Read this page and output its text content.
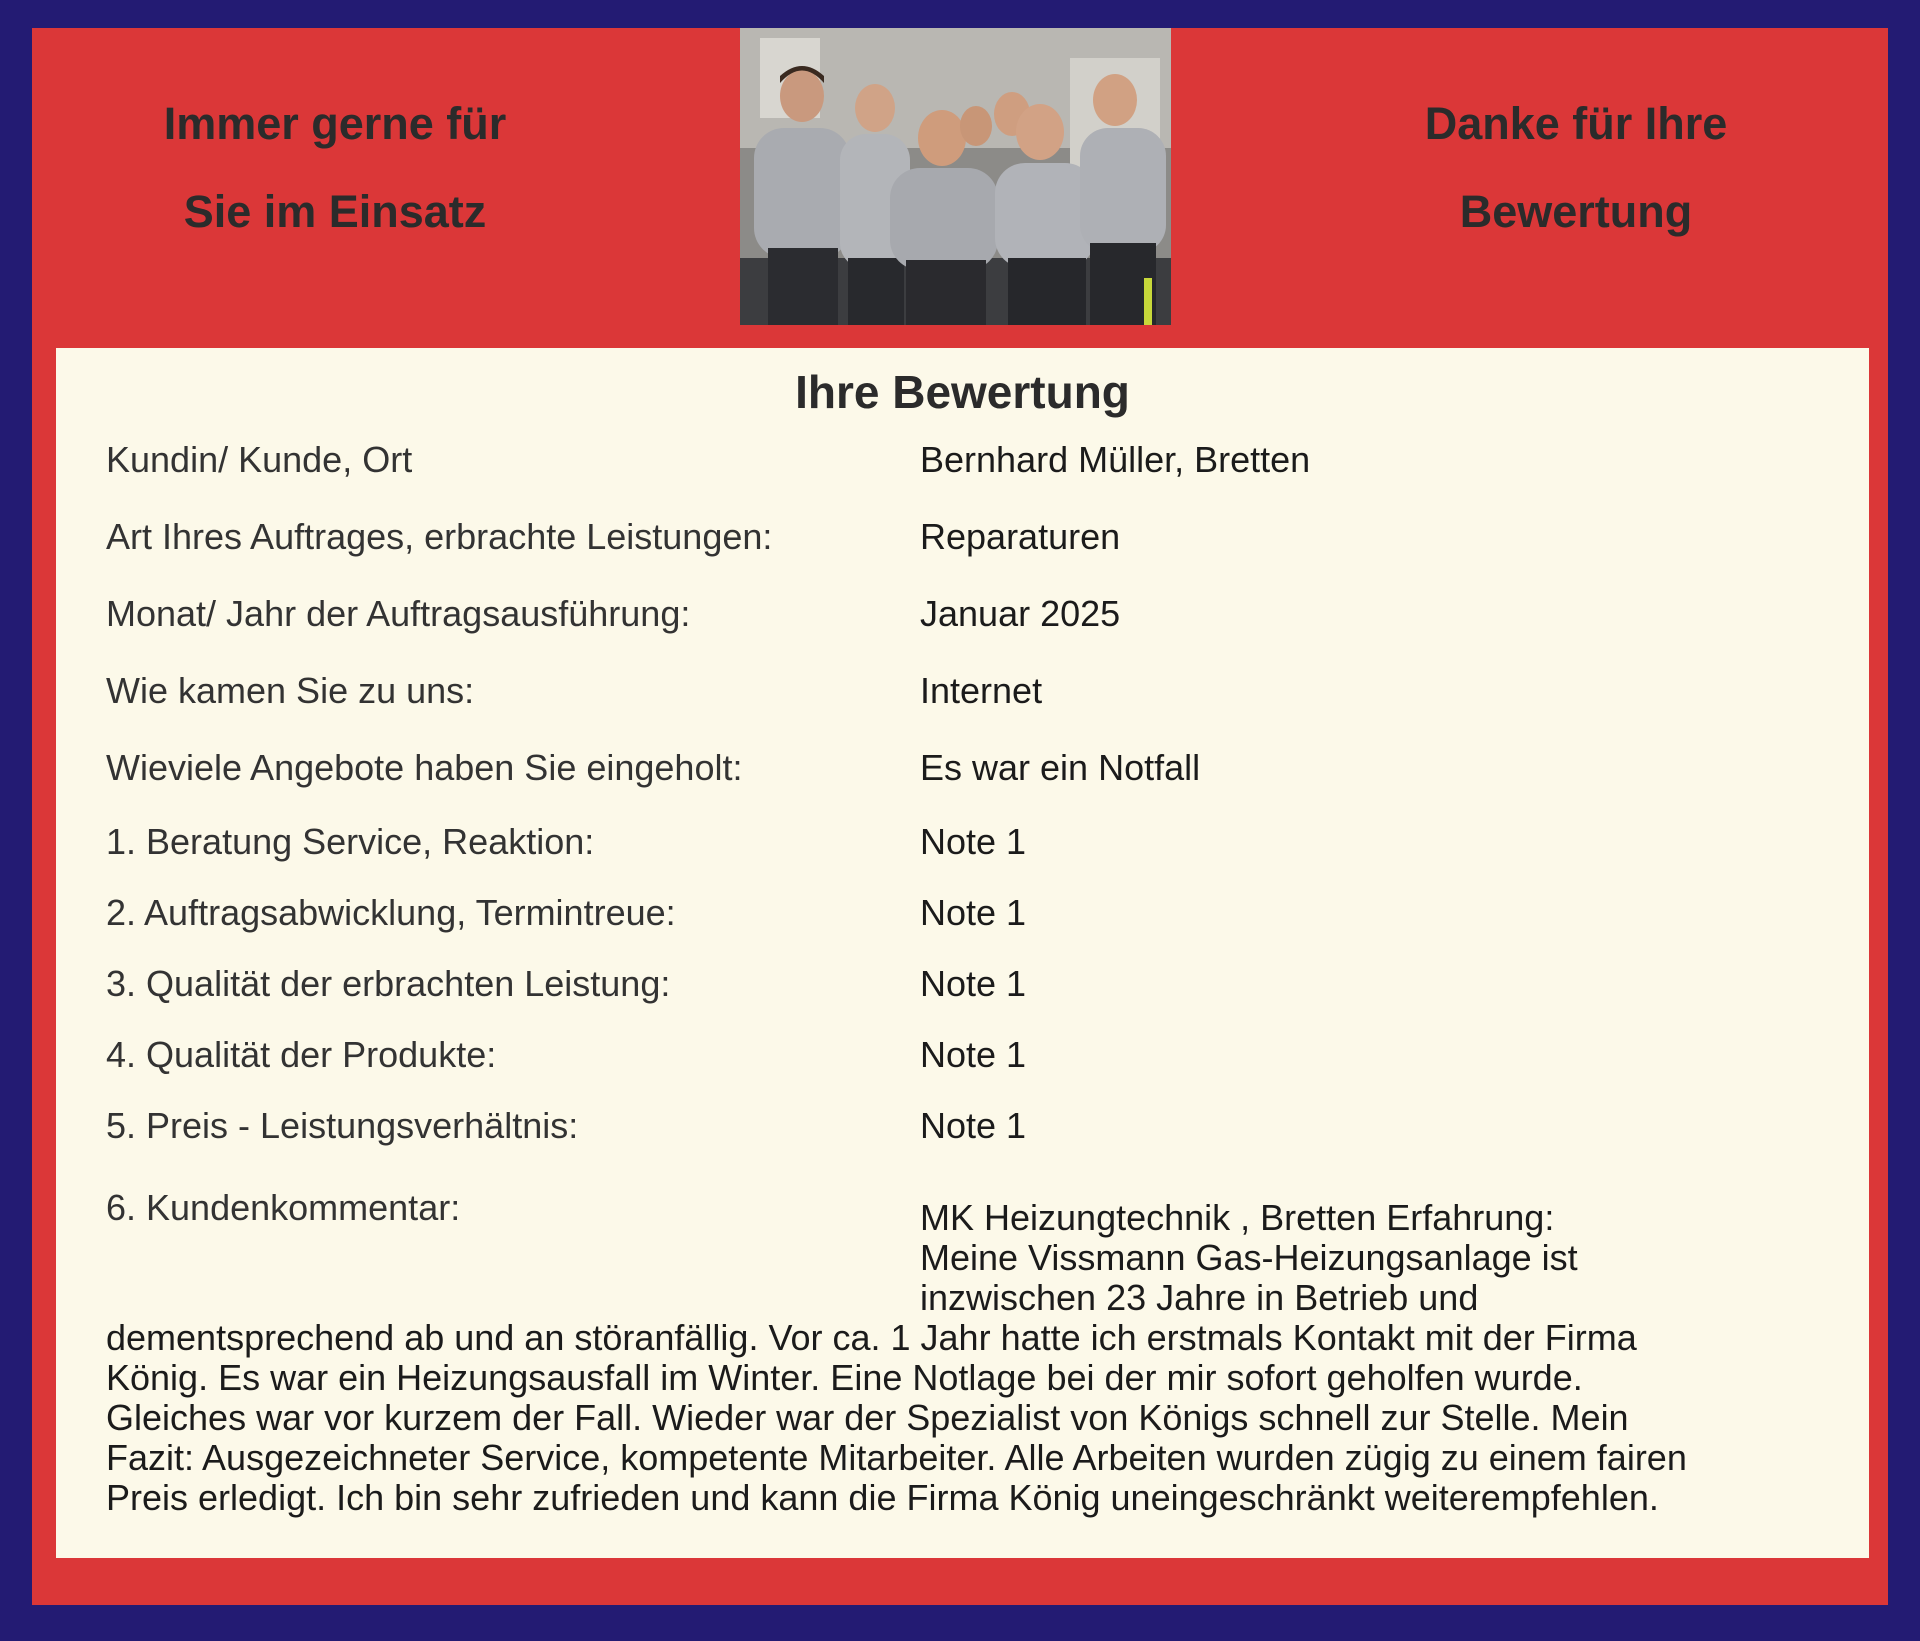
Immer gerne für
Sie im Einsatz
Danke für Ihre
Bewertung
Ihre Bewertung
Kundin/ Kunde, Ort	Bernhard Müller, Bretten
Art Ihres Auftrages, erbrachte Leistungen:	Reparaturen
Monat/ Jahr der Auftragsausführung:	Januar 2025
Wie kamen Sie zu uns:	Internet
Wieviele Angebote haben Sie eingeholt:	Es war ein Notfall
1. Beratung Service, Reaktion:	Note 1
2. Auftragsabwicklung, Termintreue:	Note 1
3. Qualität der erbrachten Leistung:	Note 1
4. Qualität der Produkte:	Note 1
5. Preis - Leistungsverhältnis:	Note 1
6. Kundenkommentar:	MK Heizungtechnik , Bretten Erfahrung:
Meine Vissmann Gas-Heizungsanlage ist
inzwischen 23 Jahre in Betrieb und
dementsprechend ab und an störanfällig. Vor ca. 1 Jahr hatte ich erstmals Kontakt mit der Firma
König. Es war ein Heizungsausfall im Winter. Eine Notlage bei der mir sofort geholfen wurde.
Gleiches war vor kurzem der Fall. Wieder war der Spezialist von Königs schnell zur Stelle. Mein
Fazit: Ausgezeichneter Service, kompetente Mitarbeiter. Alle Arbeiten wurden zügig zu einem fairen
Preis erledigt. Ich bin sehr zufrieden und kann die Firma König uneingeschränkt weiterempfehlen.
